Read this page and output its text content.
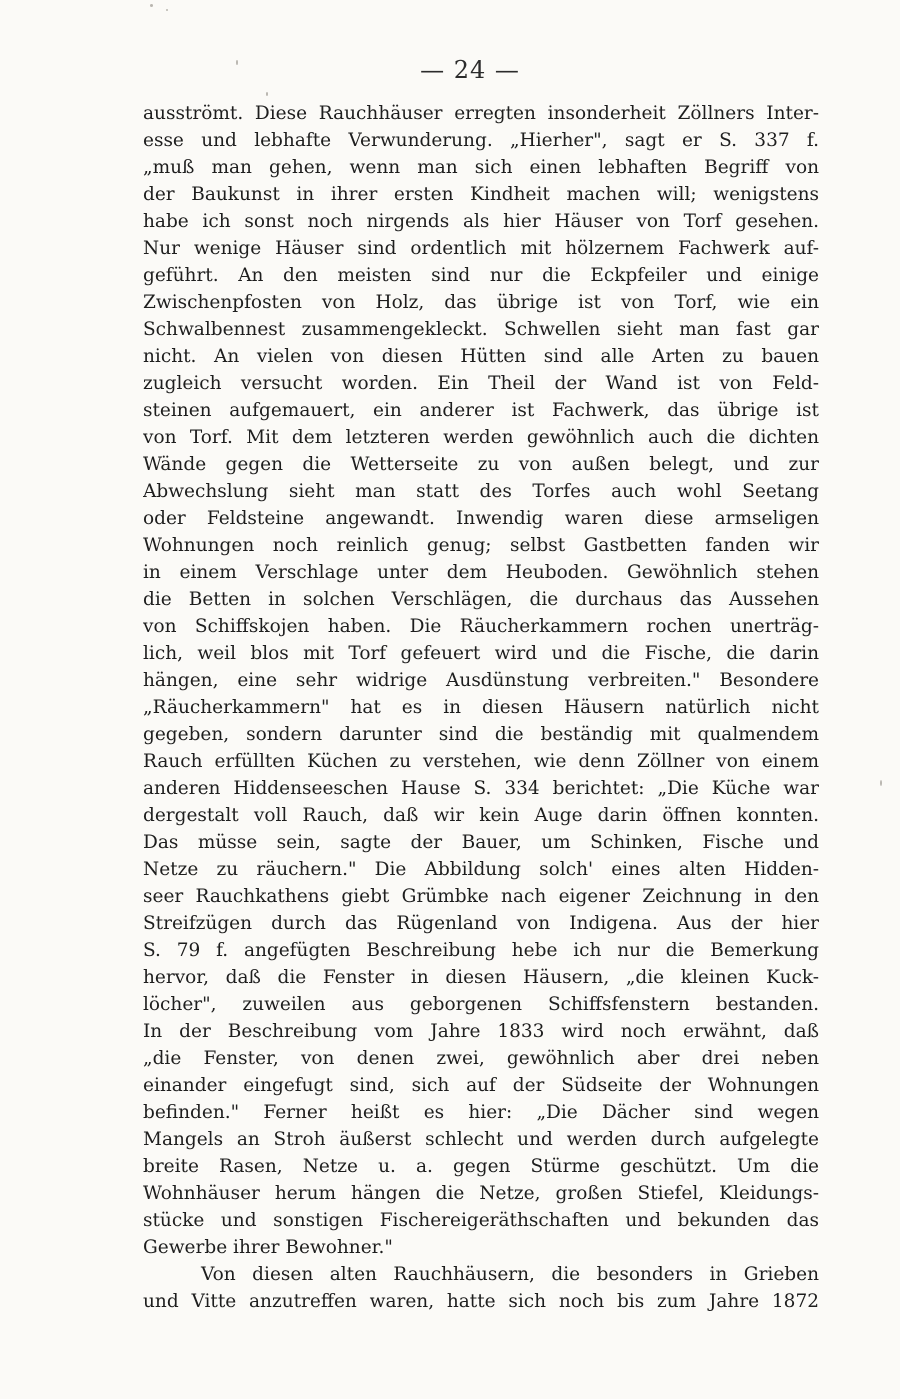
— 24 —
ausströmt. Diese Rauchhäuser erregten insonderheit Zöllners Inter-
esse und lebhafte Verwunderung. „Hierher", sagt er S. 337 f.
„muß man gehen, wenn man sich einen lebhaften Begriff von
der Baukunst in ihrer ersten Kindheit machen will; wenigstens
habe ich sonst noch nirgends als hier Häuser von Torf gesehen.
Nur wenige Häuser sind ordentlich mit hölzernem Fachwerk auf-
geführt. An den meisten sind nur die Eckpfeiler und einige
Zwischenpfosten von Holz, das übrige ist von Torf, wie ein
Schwalbennest zusammengekleckt. Schwellen sieht man fast gar
nicht. An vielen von diesen Hütten sind alle Arten zu bauen
zugleich versucht worden. Ein Theil der Wand ist von Feld-
steinen aufgemauert, ein anderer ist Fachwerk, das übrige ist
von Torf. Mit dem letzteren werden gewöhnlich auch die dichten
Wände gegen die Wetterseite zu von außen belegt, und zur
Abwechslung sieht man statt des Torfes auch wohl Seetang
oder Feldsteine angewandt. Inwendig waren diese armseligen
Wohnungen noch reinlich genug; selbst Gastbetten fanden wir
in einem Verschlage unter dem Heuboden. Gewöhnlich stehen
die Betten in solchen Verschlägen, die durchaus das Aussehen
von Schiffskojen haben. Die Räucherkammern rochen unerträg-
lich, weil blos mit Torf gefeuert wird und die Fische, die darin
hängen, eine sehr widrige Ausdünstung verbreiten." Besondere
„Räucherkammern" hat es in diesen Häusern natürlich nicht
gegeben, sondern darunter sind die beständig mit qualmendem
Rauch erfüllten Küchen zu verstehen, wie denn Zöllner von einem
anderen Hiddenseeschen Hause S. 334 berichtet: „Die Küche war
dergestalt voll Rauch, daß wir kein Auge darin öffnen konnten.
Das müsse sein, sagte der Bauer, um Schinken, Fische und
Netze zu räuchern." Die Abbildung solch' eines alten Hidden-
seer Rauchkathens giebt Grümbke nach eigener Zeichnung in den
Streifzügen durch das Rügenland von Indigena. Aus der hier
S. 79 f. angefügten Beschreibung hebe ich nur die Bemerkung
hervor, daß die Fenster in diesen Häusern, „die kleinen Kuck-
löcher", zuweilen aus geborgenen Schiffsfenstern bestanden.
In der Beschreibung vom Jahre 1833 wird noch erwähnt, daß
„die Fenster, von denen zwei, gewöhnlich aber drei neben
einander eingefugt sind, sich auf der Südseite der Wohnungen
befinden." Ferner heißt es hier: „Die Dächer sind wegen
Mangels an Stroh äußerst schlecht und werden durch aufgelegte
breite Rasen, Netze u. a. gegen Stürme geschützt. Um die
Wohnhäuser herum hängen die Netze, großen Stiefel, Kleidungs-
stücke und sonstigen Fischereigeräthschaften und bekunden das
Gewerbe ihrer Bewohner."
Von diesen alten Rauchhäusern, die besonders in Grieben
und Vitte anzutreffen waren, hatte sich noch bis zum Jahre 1872
